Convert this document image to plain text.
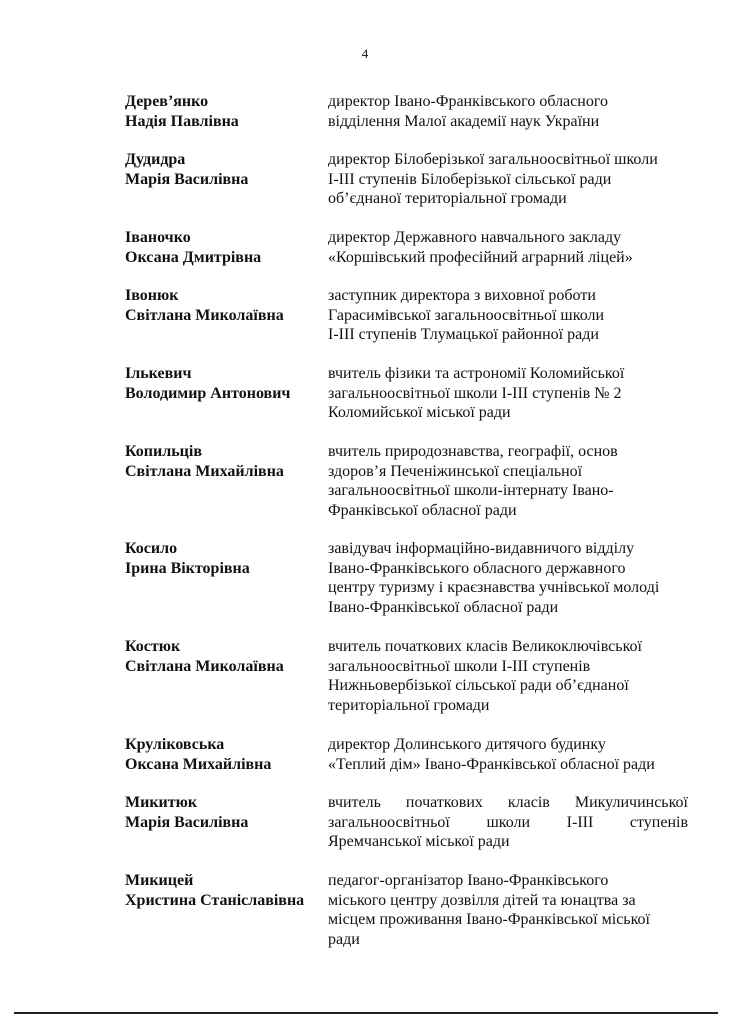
4
Дерев’янко
Надія Павлівна
директор Івано-Франківського обласного
відділення Малої академії наук України
Дудидра
Марія Василівна
директор Білоберізької загальноосвітньої школи
І-ІІІ ступенів Білоберізької сільської ради
об’єднаної територіальної громади
Іваночко
Оксана Дмитрівна
директор Державного навчального закладу
«Коршівський професійний аграрний ліцей»
Івонюк
Світлана Миколаївна
заступник директора з виховної роботи
Гарасимівської загальноосвітньої школи
І-ІІІ ступенів Тлумацької районної ради
Ількевич
Володимир Антонович
вчитель фізики та астрономії Коломийської
загальноосвітньої школи І-ІІІ ступенів № 2
Коломийської міської ради
Копильців
Світлана Михайлівна
вчитель природознавства, географії, основ
здоров’я Печеніжинської спеціальної
загальноосвітньої школи-інтернату Івано-
Франківської обласної ради
Косило
Ірина Вікторівна
завідувач інформаційно-видавничого відділу
Івано-Франківського обласного державного
центру туризму і краєзнавства учнівської молоді
Івано-Франківської обласної ради
Костюк
Світлана Миколаївна
вчитель початкових класів Великоключівської
загальноосвітньої школи І-ІІІ ступенів
Нижньовербізької сільської ради об’єднаної
територіальної громади
Круліковська
Оксана Михайлівна
директор Долинського дитячого будинку
«Теплий дім» Івано-Франківської обласної ради
Микитюк
Марія Василівна
вчитель початкових класів Микуличинської
загальноосвітньої школи І-ІІІ ступенів
Яремчанської міської ради
Микицей
Христина Станіславівна
педагог-організатор Івано-Франківського
міського центру дозвілля дітей та юнацтва за
місцем проживання Івано-Франківської міської
ради
